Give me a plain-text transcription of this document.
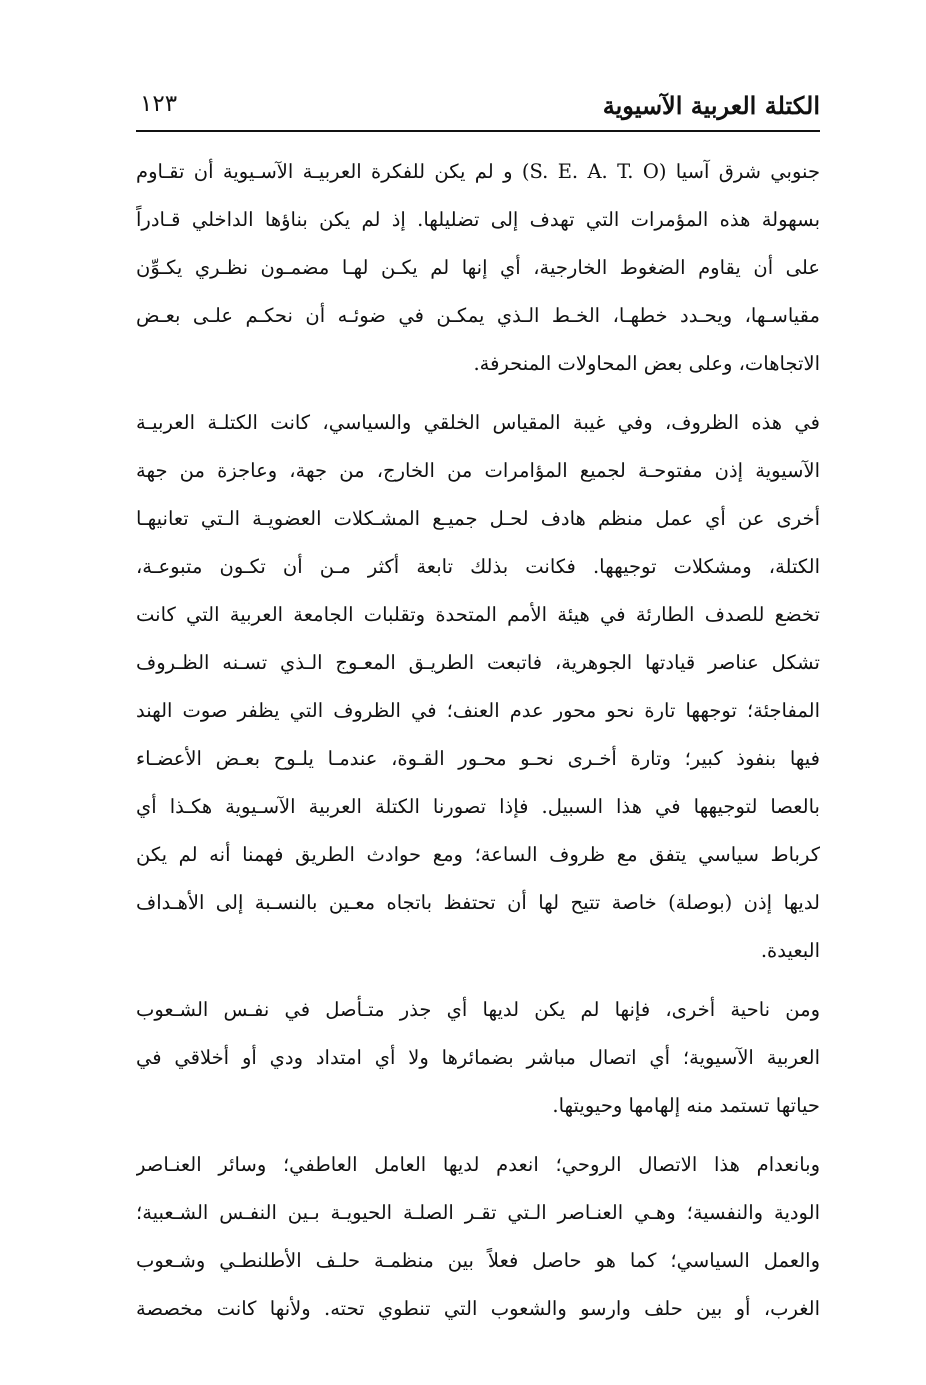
الكتلة العربية الآسيوية
١٢٣
جنوبي شرق آسيا (S. E. A. T. O) و لم يكن للفكرة العربيـة الآسـيوية أن تقـاوم
بسهولة هذه المؤمرات التي تهدف إلى تضليلها. إذ لم يكن بناؤها الداخلي قـادراً
على أن يقاوم الضغوط الخارجية، أي إنها لم يكـن لهـا مضمـون نظـري يكـوِّن
مقياسـها، ويحـدد خطهـا، الخـط الـذي يمكـن في ضوئـه أن نحكـم علـى بعـض
الاتجاهات، وعلى بعض المحاولات المنحرفة.
في هذه الظروف، وفي غيبة المقياس الخلقي والسياسي، كانت الكتلـة العربيـة
الآسيوية إذن مفتوحـة لجميع المؤامرات من الخارج، من جهة، وعاجزة من جهة
أخرى عن أي عمل منظم هادف لحـل جميـع المشـكلات العضويـة الـتي تعانيهـا
الكتلة، ومشكلات توجيهها. فكانت بذلك تابعة أكثر مـن أن تكـون متبوعـة،
تخضع للصدف الطارئة في هيئة الأمم المتحدة وتقلبات الجامعة العربية التي كانت
تشكل عناصر قيادتها الجوهرية، فاتبعت الطريـق المعـوج الـذي تسـنه الظـروف
المفاجئة؛ توجهها تارة نحو محور عدم العنف؛ في الظروف التي يظفر صوت الهند
فيها بنفوذ كبير؛ وتارة أخـرى نحـو محـور القـوة، عندمـا يلـوح بعـض الأعضـاء
بالعصا لتوجيهها في هذا السبيل. فإذا تصورنا الكتلة العربية الآسـيوية هكـذا أي
كرباط سياسي يتفق مع ظروف الساعة؛ ومع حوادث الطريق فهمنا أنه لم يكن
لديها إذن (بوصلة) خاصة تتيح لها أن تحتفظ باتجاه معـين بالنسـبة إلى الأهـداف
البعيدة.
ومن ناحية أخرى، فإنها لم يكن لديها أي جذر متـأصل في نفـس الشـعوب
العربية الآسيوية؛ أي اتصال مباشر بضمائرها ولا أي امتداد ودي أو أخلاقي في
حياتها تستمد منه إلهامها وحيويتها.
وبانعدام هذا الاتصال الروحي؛ انعدم لديها العامل العاطفي؛ وسائر العنـاصر
الودية والنفسية؛ وهـي العنـاصر الـتي تقـر الصلـة الحيويـة بـين النفـس الشـعبية؛
والعمل السياسي؛ كما هو حاصل فعلاً بين منظمـة حلـف الأطلنطـي وشـعوب
الغرب، أو بين حلف وارسو والشعوب التي تنطوي تحته. ولأنها كانت مخصصة
